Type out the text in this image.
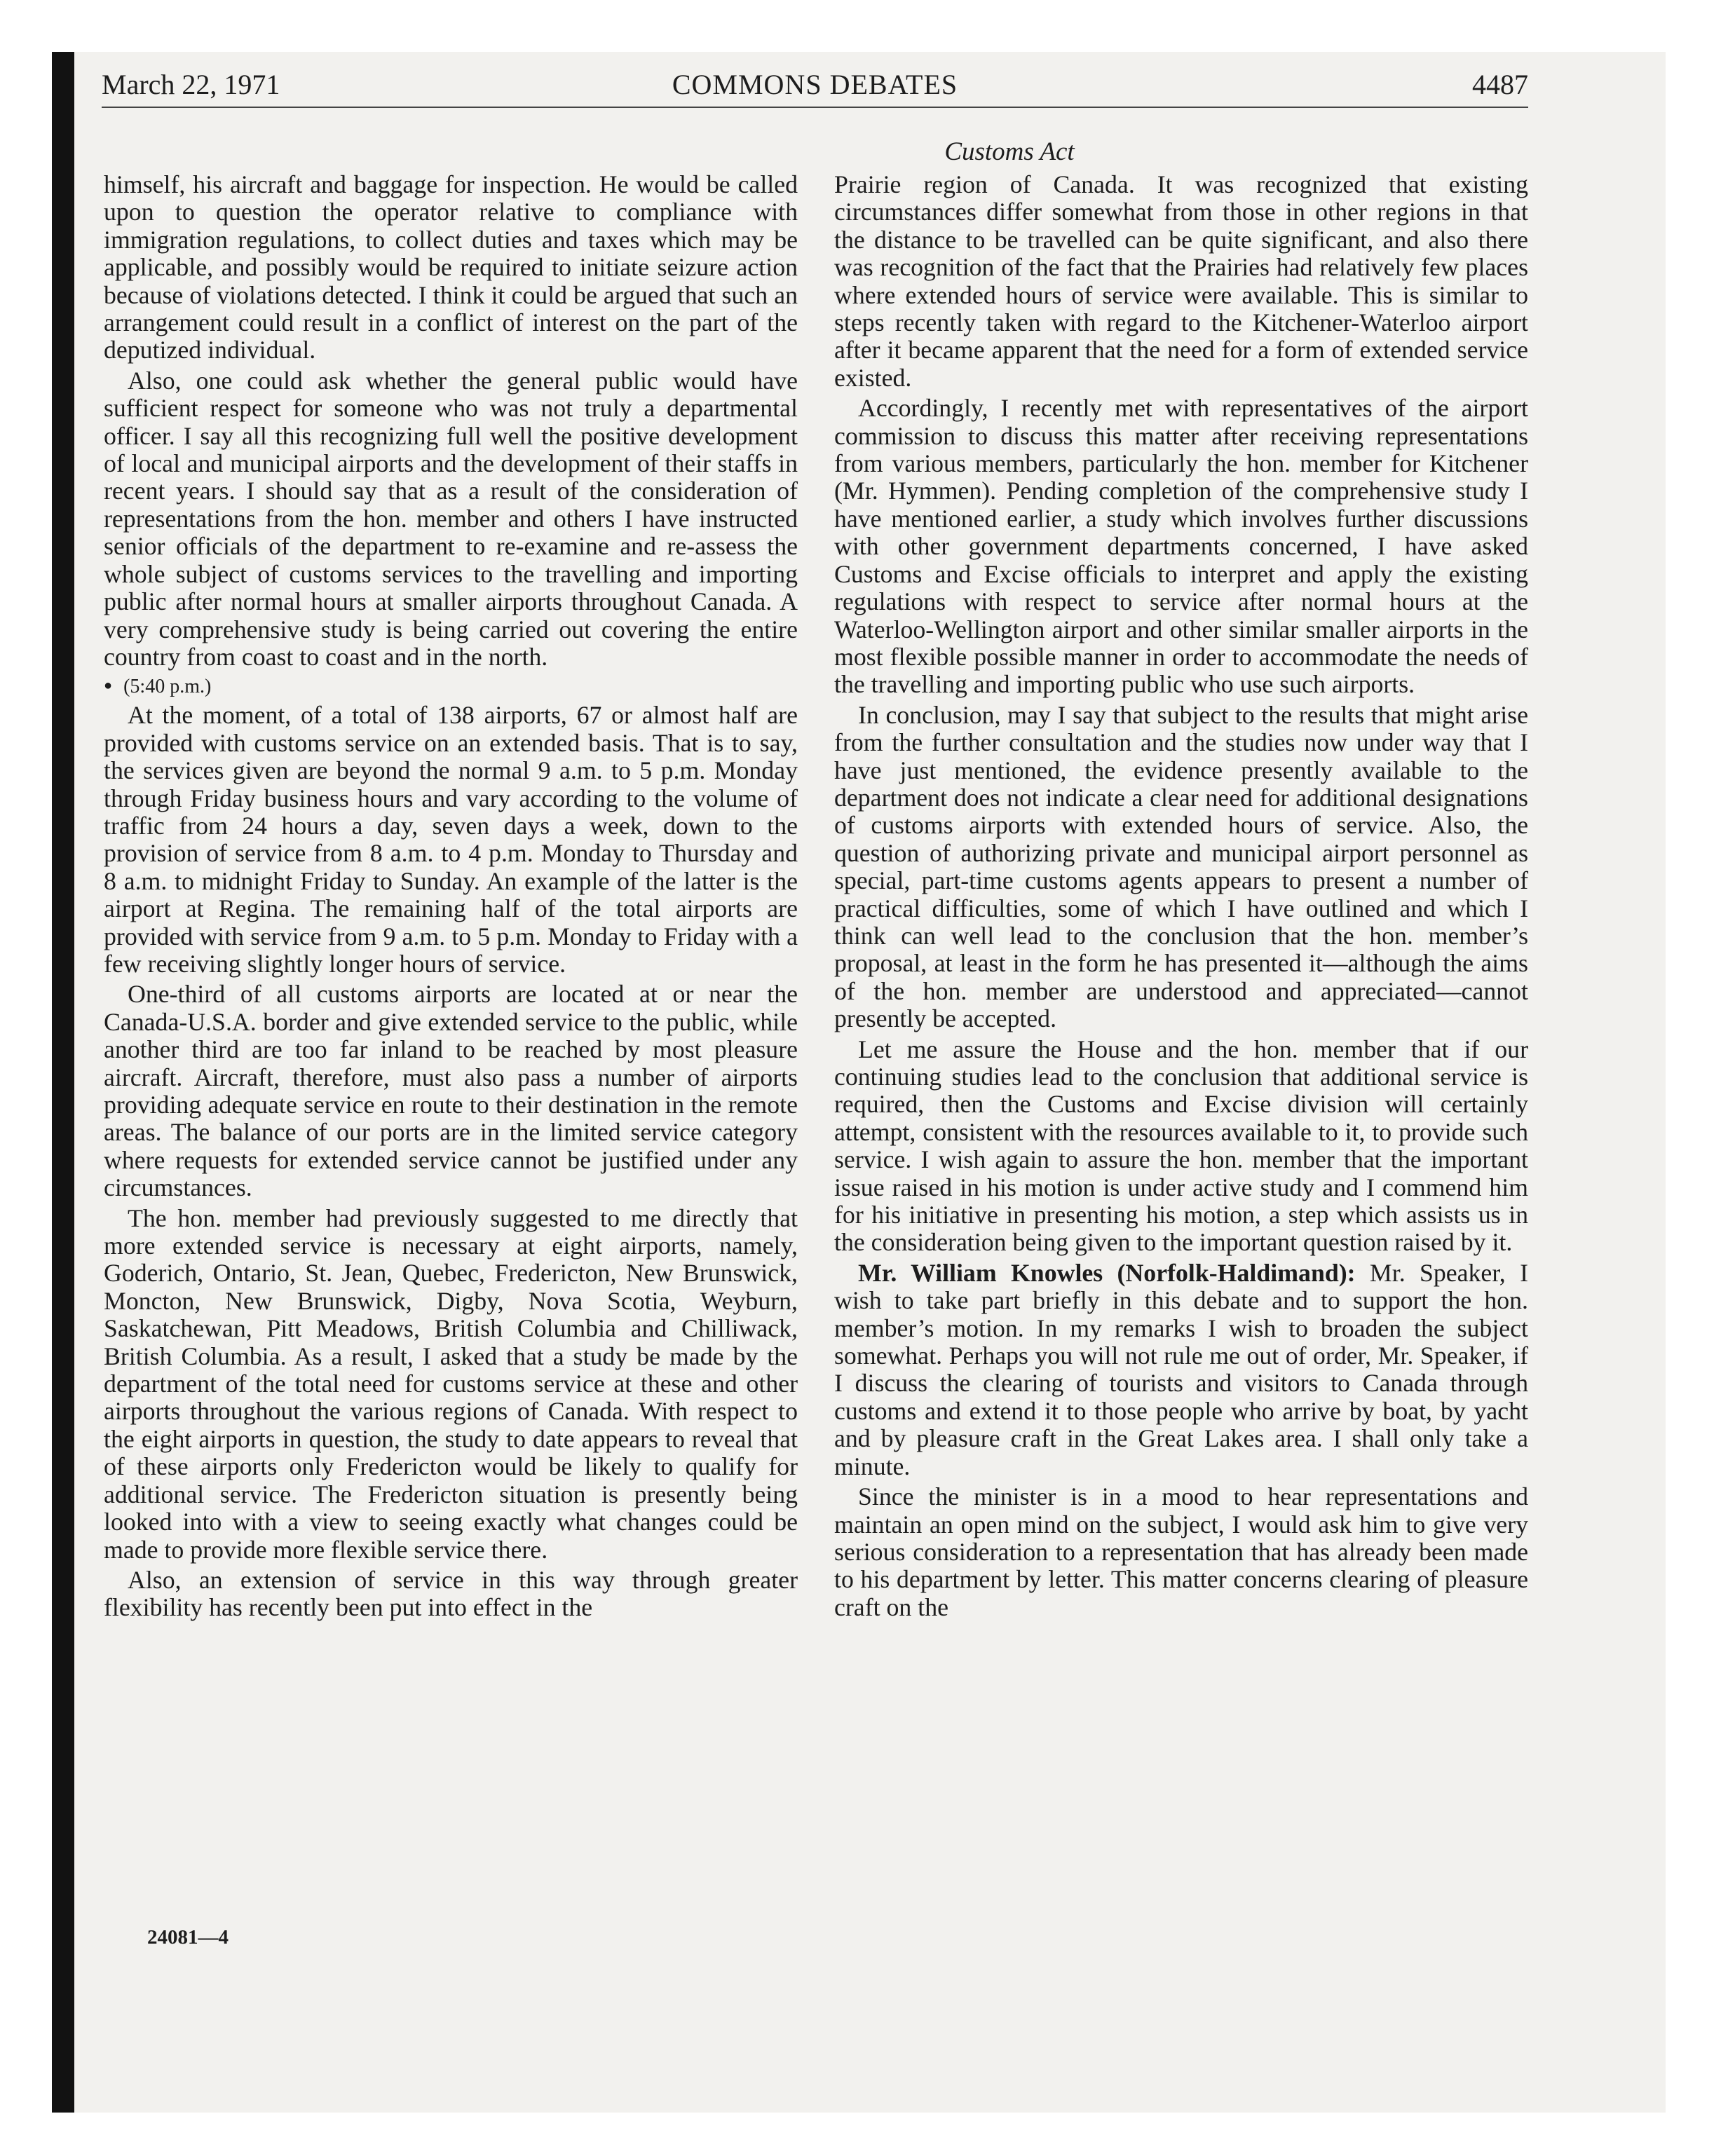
March 22, 1971	COMMONS DEBATES	4487
Customs Act

himself, his aircraft and baggage for inspection. He would be called upon to question the operator relative to compliance with immigration regulations, to collect duties and taxes which may be applicable, and possibly would be required to initiate seizure action because of violations detected. I think it could be argued that such an arrangement could result in a conflict of interest on the part of the deputized individual.

Also, one could ask whether the general public would have sufficient respect for someone who was not truly a departmental officer. I say all this recognizing full well the positive development of local and municipal airports and the development of their staffs in recent years. I should say that as a result of the consideration of representations from the hon. member and others I have instructed senior officials of the department to re-examine and re-assess the whole subject of customs services to the travelling and importing public after normal hours at smaller airports throughout Canada. A very comprehensive study is being carried out covering the entire country from coast to coast and in the north.

● (5:40 p.m.)

At the moment, of a total of 138 airports, 67 or almost half are provided with customs service on an extended basis. That is to say, the services given are beyond the normal 9 a.m. to 5 p.m. Monday through Friday business hours and vary according to the volume of traffic from 24 hours a day, seven days a week, down to the provision of service from 8 a.m. to 4 p.m. Monday to Thursday and 8 a.m. to midnight Friday to Sunday. An example of the latter is the airport at Regina. The remaining half of the total airports are provided with service from 9 a.m. to 5 p.m. Monday to Friday with a few receiving slightly longer hours of service.

One-third of all customs airports are located at or near the Canada-U.S.A. border and give extended service to the public, while another third are too far inland to be reached by most pleasure aircraft. Aircraft, therefore, must also pass a number of airports providing adequate service en route to their destination in the remote areas. The balance of our ports are in the limited service category where requests for extended service cannot be justified under any circumstances.

The hon. member had previously suggested to me directly that more extended service is necessary at eight airports, namely, Goderich, Ontario, St. Jean, Quebec, Fredericton, New Brunswick, Moncton, New Brunswick, Digby, Nova Scotia, Weyburn, Saskatchewan, Pitt Meadows, British Columbia and Chilliwack, British Columbia. As a result, I asked that a study be made by the department of the total need for customs service at these and other airports throughout the various regions of Canada. With respect to the eight airports in question, the study to date appears to reveal that of these airports only Fredericton would be likely to qualify for additional service. The Fredericton situation is presently being looked into with a view to seeing exactly what changes could be made to provide more flexible service there.

Also, an extension of service in this way through greater flexibility has recently been put into effect in the

Prairie region of Canada. It was recognized that existing circumstances differ somewhat from those in other regions in that the distance to be travelled can be quite significant, and also there was recognition of the fact that the Prairies had relatively few places where extended hours of service were available. This is similar to steps recently taken with regard to the Kitchener-Waterloo airport after it became apparent that the need for a form of extended service existed.

Accordingly, I recently met with representatives of the airport commission to discuss this matter after receiving representations from various members, particularly the hon. member for Kitchener (Mr. Hymmen). Pending completion of the comprehensive study I have mentioned earlier, a study which involves further discussions with other government departments concerned, I have asked Customs and Excise officials to interpret and apply the existing regulations with respect to service after normal hours at the Waterloo-Wellington airport and other similar smaller airports in the most flexible possible manner in order to accommodate the needs of the travelling and importing public who use such airports.

In conclusion, may I say that subject to the results that might arise from the further consultation and the studies now under way that I have just mentioned, the evidence presently available to the department does not indicate a clear need for additional designations of customs airports with extended hours of service. Also, the question of authorizing private and municipal airport personnel as special, part-time customs agents appears to present a number of practical difficulties, some of which I have outlined and which I think can well lead to the conclusion that the hon. member’s proposal, at least in the form he has presented it—although the aims of the hon. member are understood and appreciated—cannot presently be accepted.

Let me assure the House and the hon. member that if our continuing studies lead to the conclusion that additional service is required, then the Customs and Excise division will certainly attempt, consistent with the resources available to it, to provide such service. I wish again to assure the hon. member that the important issue raised in his motion is under active study and I commend him for his initiative in presenting his motion, a step which assists us in the consideration being given to the important question raised by it.

Mr. William Knowles (Norfolk-Haldimand): Mr. Speaker, I wish to take part briefly in this debate and to support the hon. member’s motion. In my remarks I wish to broaden the subject somewhat. Perhaps you will not rule me out of order, Mr. Speaker, if I discuss the clearing of tourists and visitors to Canada through customs and extend it to those people who arrive by boat, by yacht and by pleasure craft in the Great Lakes area. I shall only take a minute.

Since the minister is in a mood to hear representations and maintain an open mind on the subject, I would ask him to give very serious consideration to a representation that has already been made to his department by letter. This matter concerns clearing of pleasure craft on the

24081—4
